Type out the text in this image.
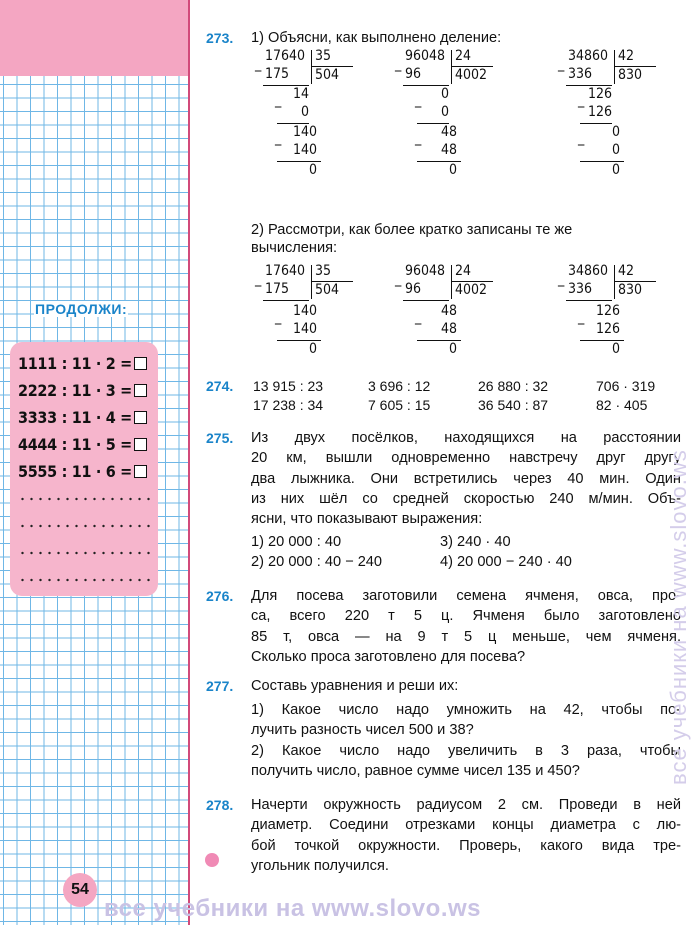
ПРОДОЛЖИ:
1111 : 11 · 2 =
2222 : 11 · 3 =
3333 : 11 · 4 =
4444 : 11 · 5 =
5555 : 11 · 6 =
54
273. 1) Объясни, как выполнено деление:
17640 35
504
_
175
_ 14
0
_ 140
140
0
96048 24
4002
_
96
_ 0
0
_ 48
48
0
34860 42
830
_
336
_ 126
126
_ 0
0
0
2) Рассмотри, как более кратко записаны те же
вычисления:
17640 35
504
_
175
_ 140
140
0
96048 24
4002
_
96
_ 48
48
0
34860 42
830
_
336
_ 126
126
0
274. 13 915 : 23	3 696 : 12	26 880 : 32	706 · 319
17 238 : 34	7 605 : 15	36 540 : 87	82 · 405
275. Из двух посёлков, находящихся на расстоянии
20 км, вышли одновременно навстречу друг другу
два лыжника. Они встретились через 40 мин. Один
из них шёл со средней скоростью 240 м/мин. Объ-
ясни, что показывают выражения:
1) 20 000 : 40	3) 240 · 40
2) 20 000 : 40 − 240	4) 20 000 − 240 · 40
276. Для посева заготовили семена ячменя, овса, про-
са, всего 220 т 5 ц. Ячменя было заготовлено
85 т, овса — на 9 т 5 ц меньше, чем ячменя.
Сколько проса заготовлено для посева?
277. Составь уравнения и реши их:
1) Какое число надо умножить на 42, чтобы по-
лучить разность чисел 500 и 38?
2) Какое число надо увеличить в 3 раза, чтобы
получить число, равное сумме чисел 135 и 450?
278. Начерти окружность радиусом 2 см. Проведи в ней
диаметр. Соедини отрезками концы диаметра с лю-
бой точкой окружности. Проверь, какого вида тре-
угольник получился.
все учебники на www.slovo.ws
все учебники на www.slovo.ws
